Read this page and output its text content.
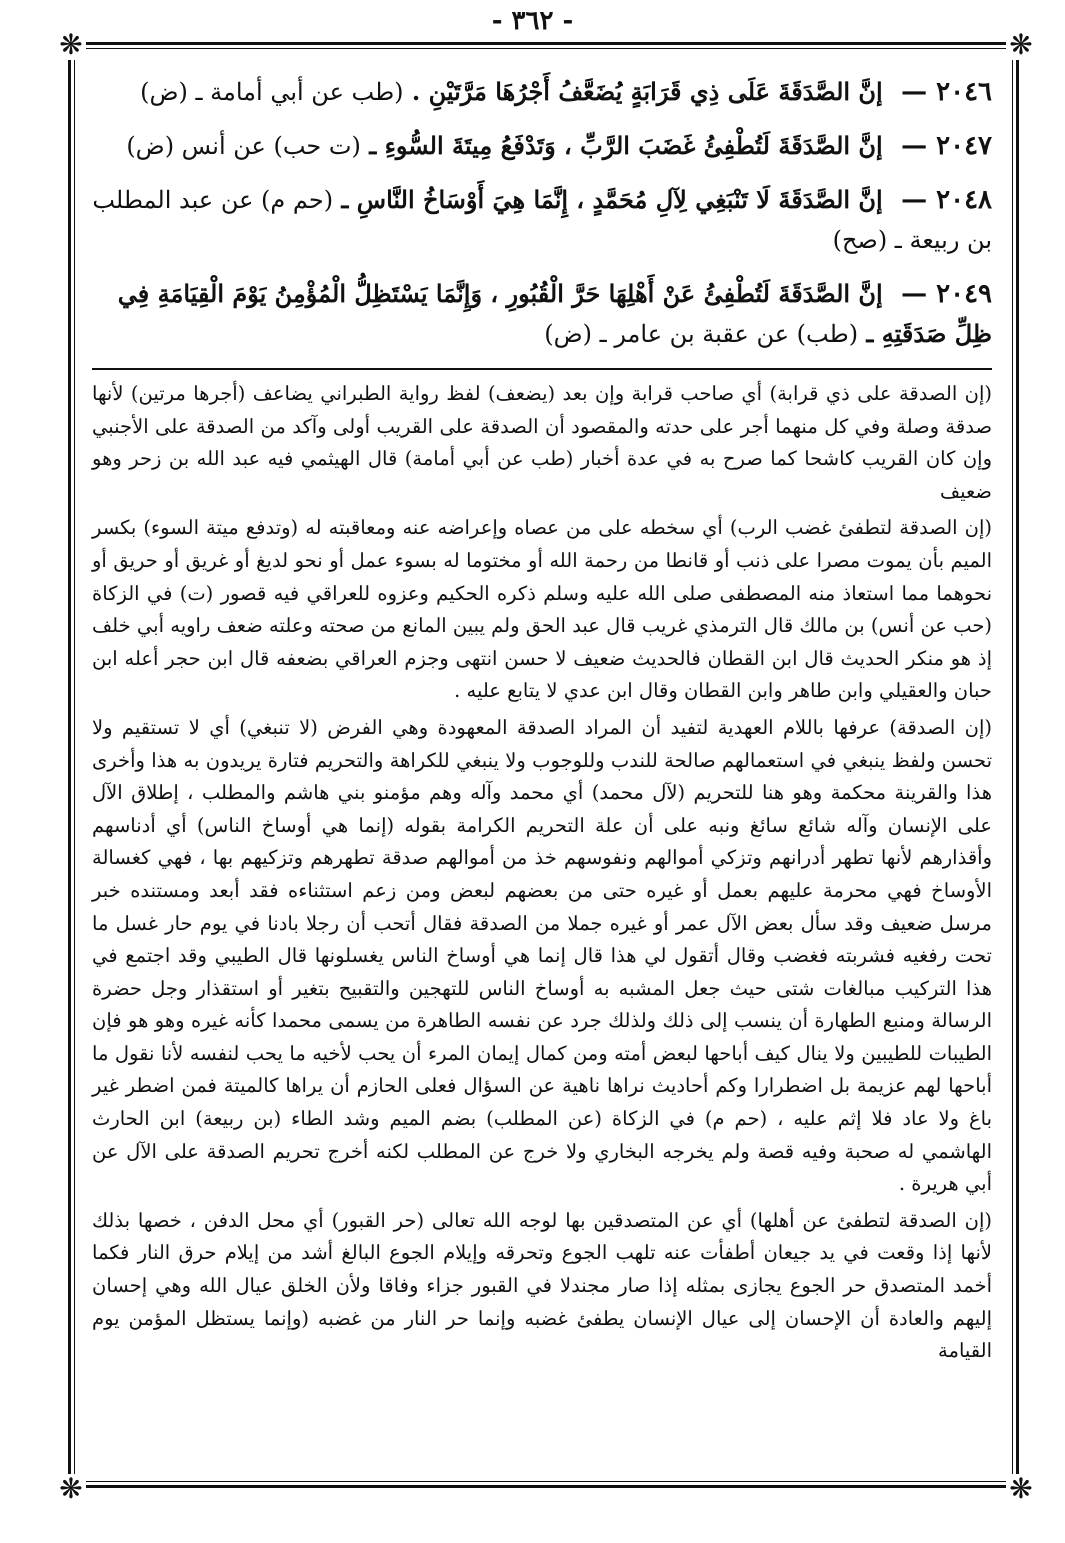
- ٣٦٢ -
❋	❋
❋	❋
٢٠٤٦ — إنَّ الصَّدَقَةَ عَلَى ذِي قَرَابَةٍ يُضَعَّفُ أَجْرُهَا مَرَّتَيْنِ . (طب عن أبي أمامة ـ (ض)
٢٠٤٧ — إنَّ الصَّدَقَةَ لَتُطْفِئُ غَضَبَ الرَّبِّ ، وَتَدْفَعُ مِيتَةَ السُّوءِ ـ (ت حب) عن أنس (ض)
٢٠٤٨ — إنَّ الصَّدَقَةَ لَا تَنْبَغِي لِآلِ مُحَمَّدٍ ، إِنَّمَا هِيَ أَوْسَاخُ النَّاسِ ـ (حم م) عن عبد المطلب بن ربيعة ـ (صح)
٢٠٤٩ — إنَّ الصَّدَقَةَ لَتُطْفِئُ عَنْ أَهْلِهَا حَرَّ الْقُبُورِ ، وَإِنَّمَا يَسْتَظِلُّ الْمُؤْمِنُ يَوْمَ الْقِيَامَةِ فِي ظِلِّ صَدَقَتِهِ ـ (طب) عن عقبة بن عامر ـ (ض)

(إن الصدقة على ذي قرابة) أي صاحب قرابة وإن بعد (يضعف) لفظ رواية الطبراني يضاعف (أجرها مرتين) لأنها صدقة وصلة وفي كل منهما أجر على حدته والمقصود أن الصدقة على القريب أولى وآكد من الصدقة على الأجنبي وإن كان القريب كاشحا كما صرح به في عدة أخبار (طب عن أبي أمامة) قال الهيثمي فيه عبد الله بن زحر وهو ضعيف

(إن الصدقة لتطفئ غضب الرب) أي سخطه على من عصاه وإعراضه عنه ومعاقبته له (وتدفع ميتة السوء) بكسر الميم بأن يموت مصرا على ذنب أو قانطا من رحمة الله أو مختوما له بسوء عمل أو نحو لديغ أو غريق أو حريق أو نحوهما مما استعاذ منه المصطفى صلى الله عليه وسلم ذكره الحكيم وعزوه للعراقي فيه قصور (ت) في الزكاة (حب عن أنس) بن مالك قال الترمذي غريب قال عبد الحق ولم يبين المانع من صحته وعلته ضعف راويه أبي خلف إذ هو منكر الحديث قال ابن القطان فالحديث ضعيف لا حسن انتهى وجزم العراقي بضعفه قال ابن حجر أعله ابن حبان والعقيلي وابن طاهر وابن القطان وقال ابن عدي لا يتابع عليه .

(إن الصدقة) عرفها باللام العهدية لتفيد أن المراد الصدقة المعهودة وهي الفرض (لا تنبغي) أي لا تستقيم ولا تحسن ولفظ ينبغي في استعمالهم صالحة للندب وللوجوب ولا ينبغي للكراهة والتحريم فتارة يريدون به هذا وأخرى هذا والقرينة محكمة وهو هنا للتحريم (لآل محمد) أي محمد وآله وهم مؤمنو بني هاشم والمطلب ، إطلاق الآل على الإنسان وآله شائع سائغ ونبه على أن علة التحريم الكرامة بقوله (إنما هي أوساخ الناس) أي أدناسهم وأقذارهم لأنها تطهر أدرانهم وتزكي أموالهم ونفوسهم خذ من أموالهم صدقة تطهرهم وتزكيهم بها ، فهي كغسالة الأوساخ فهي محرمة عليهم بعمل أو غيره حتى من بعضهم لبعض ومن زعم استثناءه فقد أبعد ومستنده خبر مرسل ضعيف وقد سأل بعض الآل عمر أو غيره جملا من الصدقة فقال أتحب أن رجلا بادنا في يوم حار غسل ما تحت رفغيه فشربته فغضب وقال أتقول لي هذا قال إنما هي أوساخ الناس يغسلونها قال الطيبي وقد اجتمع في هذا التركيب مبالغات شتى حيث جعل المشبه به أوساخ الناس للتهجين والتقبيح بتغير أو استقذار وجل حضرة الرسالة ومنبع الطهارة أن ينسب إلى ذلك ولذلك جرد عن نفسه الطاهرة من يسمى محمدا كأنه غيره وهو هو فإن الطيبات للطيبين ولا ينال كيف أباحها لبعض أمته ومن كمال إيمان المرء أن يحب لأخيه ما يحب لنفسه لأنا نقول ما أباحها لهم عزيمة بل اضطرارا وكم أحاديث نراها ناهية عن السؤال فعلى الحازم أن يراها كالميتة فمن اضطر غير باغ ولا عاد فلا إثم عليه ، (حم م) في الزكاة (عن المطلب) بضم الميم وشد الطاء (بن ربيعة) ابن الحارث الهاشمي له صحبة وفيه قصة ولم يخرجه البخاري ولا خرج عن المطلب لكنه أخرج تحريم الصدقة على الآل عن أبي هريرة .

(إن الصدقة لتطفئ عن أهلها) أي عن المتصدقين بها لوجه الله تعالى (حر القبور) أي محل الدفن ، خصها بذلك لأنها إذا وقعت في يد جيعان أطفأت عنه تلهب الجوع وتحرقه وإيلام الجوع البالغ أشد من إيلام حرق النار فكما أخمد المتصدق حر الجوع يجازى بمثله إذا صار مجندلا في القبور جزاء وفاقا ولأن الخلق عيال الله وهي إحسان إليهم والعادة أن الإحسان إلى عيال الإنسان يطفئ غضبه وإنما حر النار من غضبه (وإنما يستظل المؤمن يوم القيامة
